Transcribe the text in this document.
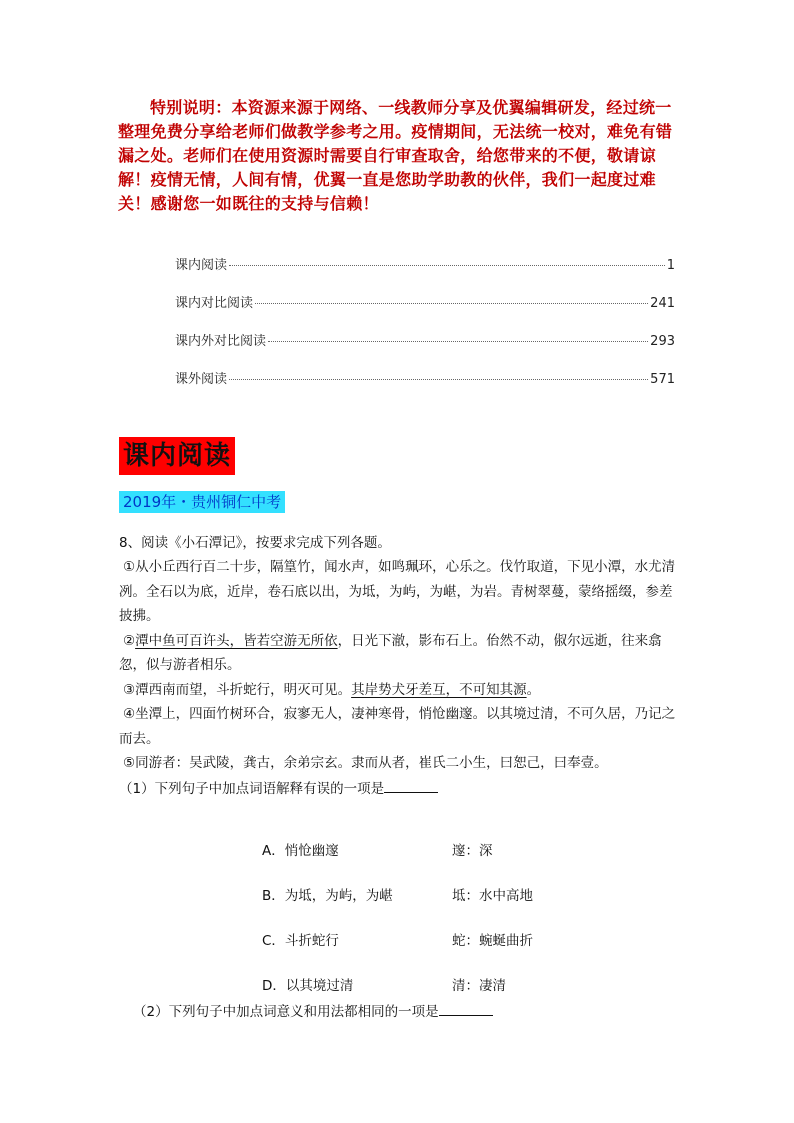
特别说明：本资源来源于网络、一线教师分享及优翼编辑研发，经过统一整理免费分享给老师们做教学参考之用。疫情期间，无法统一校对，难免有错漏之处。老师们在使用资源时需要自行审查取舍，给您带来的不便，敬请谅解！疫情无情，人间有情，优翼一直是您助学助教的伙伴，我们一起度过难关！感谢您一如既往的支持与信赖！
课内阅读	1
课内对比阅读	241
课内外对比阅读	293
课外阅读	571
课内阅读
2019年・贵州铜仁中考
8、阅读《小石潭记》，按要求完成下列各题。
①从小丘西行百二十步，隔篁竹，闻水声，如鸣珮环，心乐之。伐竹取道，下见小潭，水尤清冽。全石以为底，近岸，卷石底以出，为坻，为屿，为嵁，为岩。青树翠蔓，蒙络摇缀，参差披拂。
②潭中鱼可百许头，皆若空游无所依，日光下澈，影布石上。佁然不动，俶尔远逝，往来翕忽，似与游者相乐。
③潭西南而望，斗折蛇行，明灭可见。其岸势犬牙差互，不可知其源。
④坐潭上，四面竹树环合，寂寥无人，凄神寒骨，悄怆幽邃。以其境过清，不可久居，乃记之而去。
⑤同游者：吴武陵，龚古，余弟宗玄。隶而从者，崔氏二小生，曰恕己，曰奉壹。
（1）下列句子中加点词语解释有误的一项是
A．悄怆幽邃	邃：深
B．为坻，为屿，为嵁	坻：水中高地
C．斗折蛇行	蛇：蜿蜒曲折
D．以其境过清	清：凄清
（2）下列句子中加点词意义和用法都相同的一项是
